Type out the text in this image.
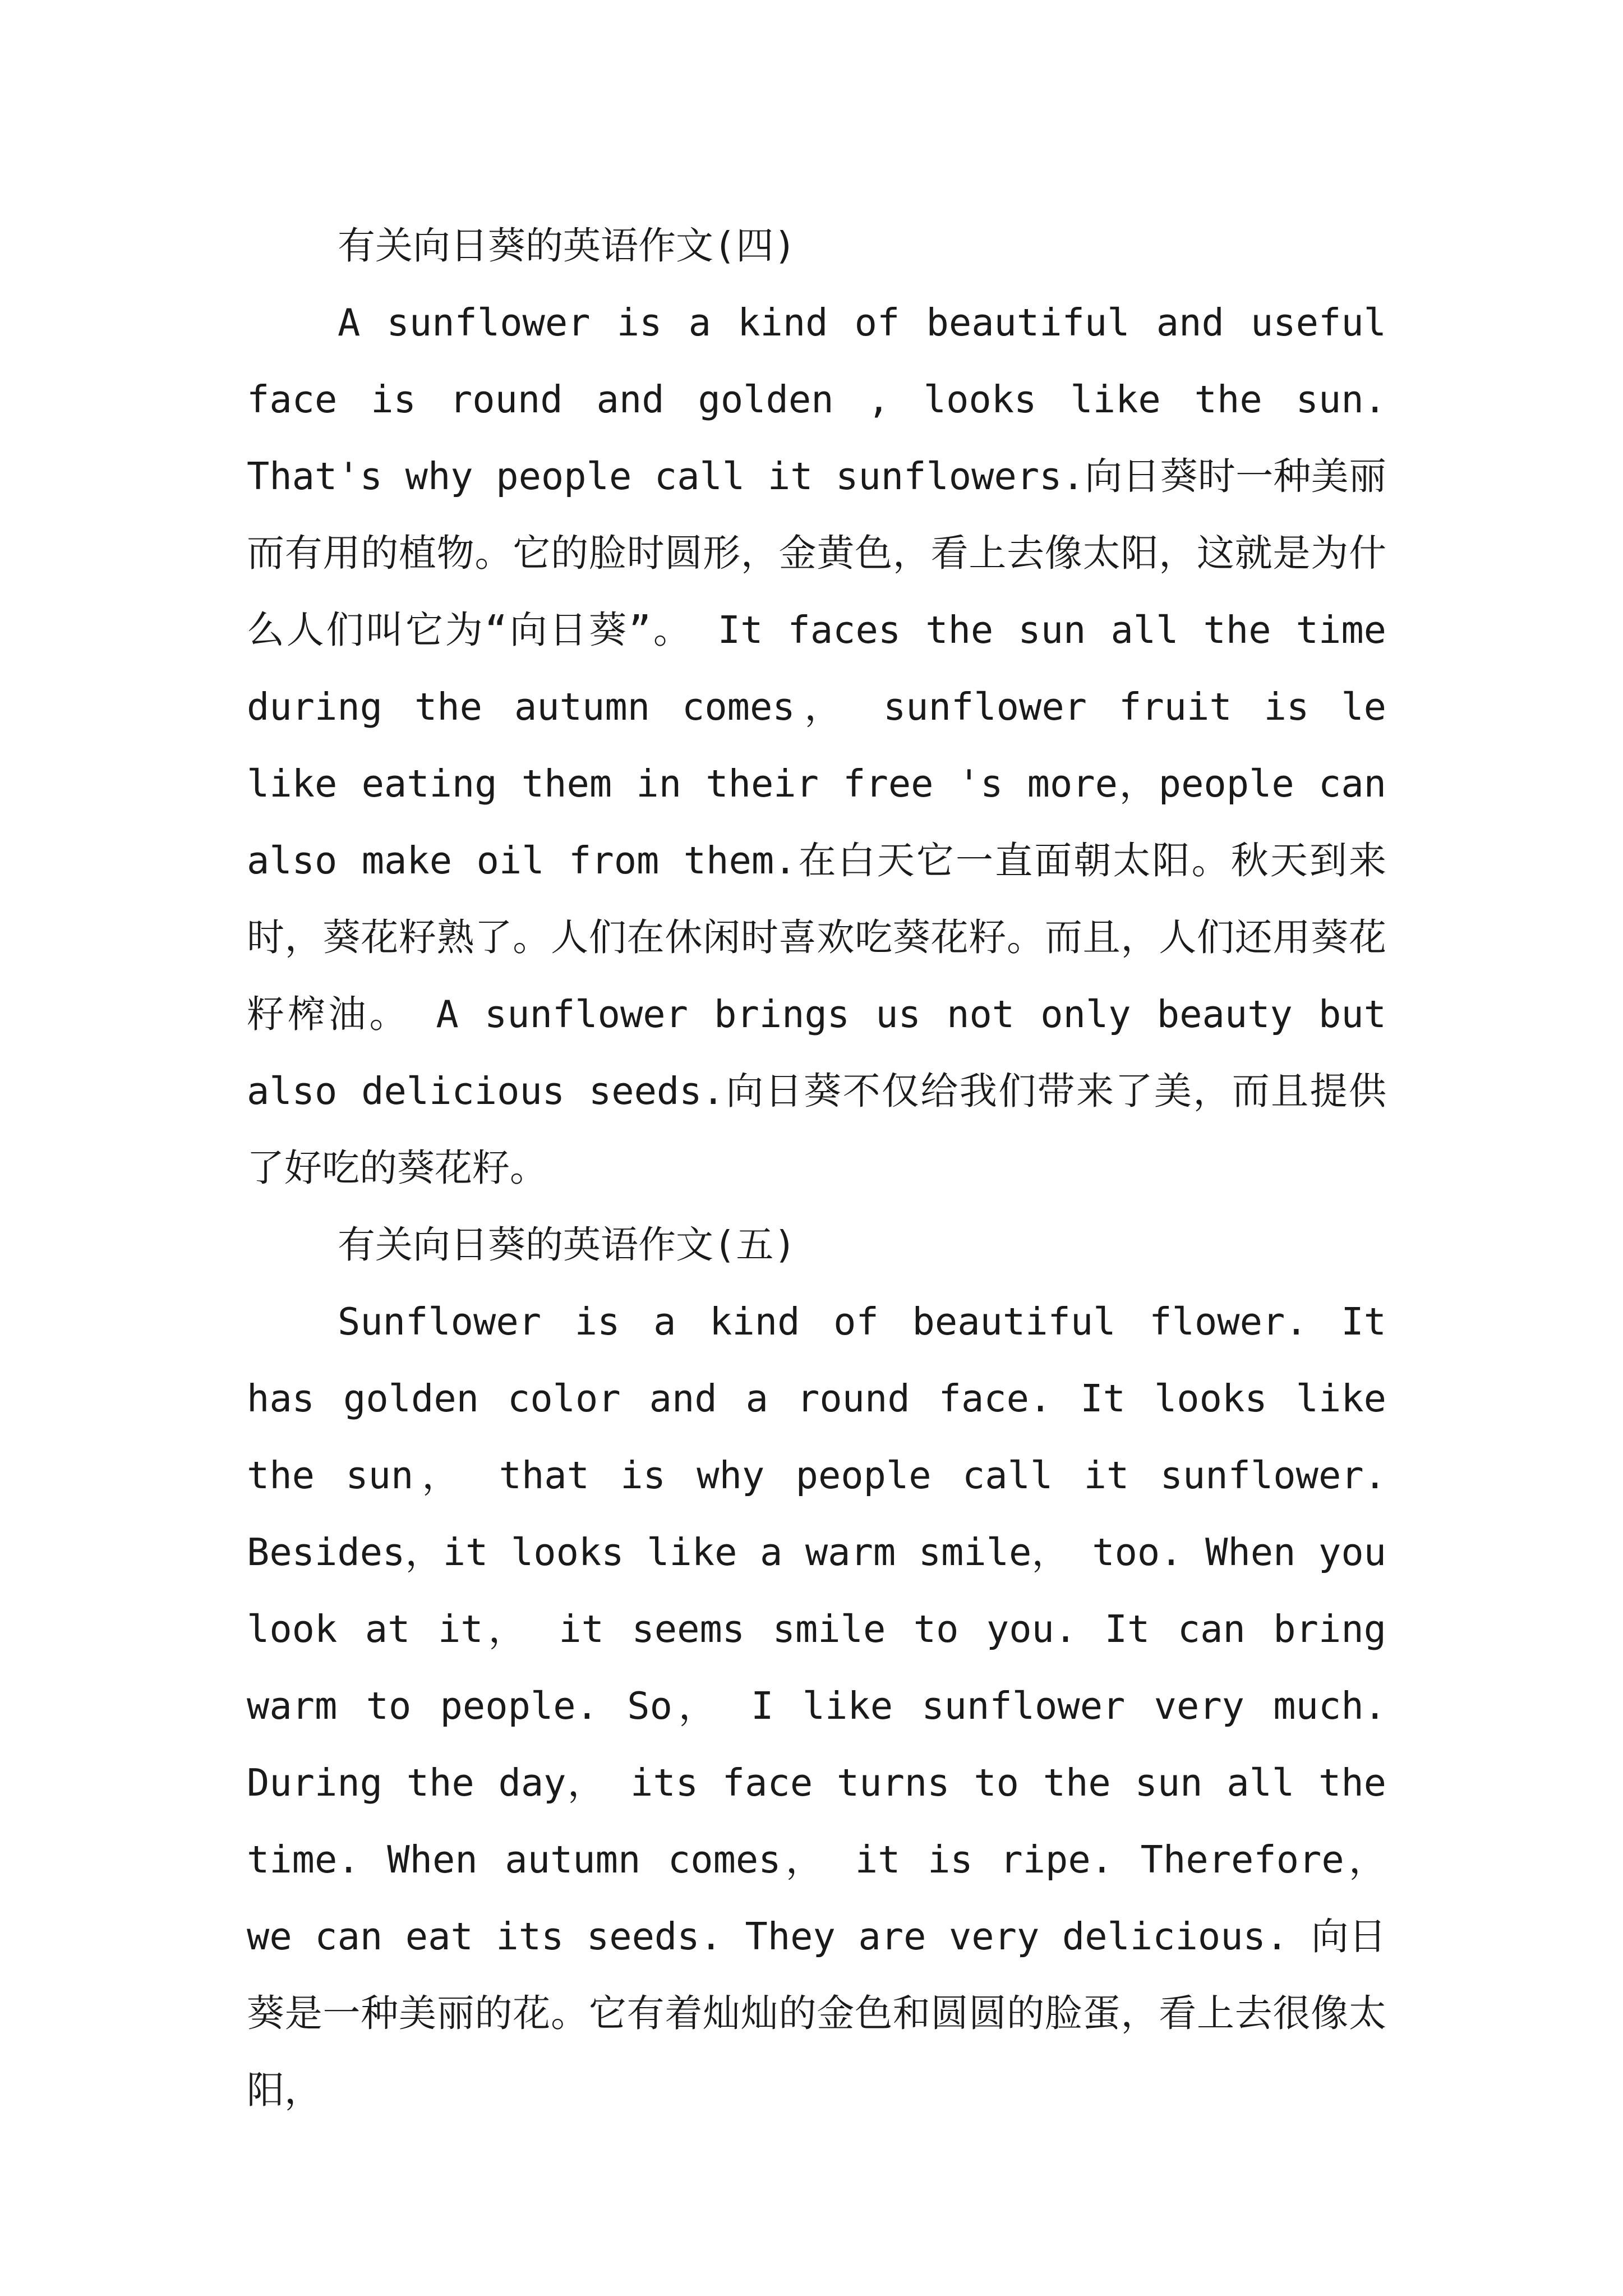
有关向日葵的英语作文(四)

A sunflower is a kind of beautiful and useful face is round and golden , looks like the sun. That's why people call it sunflowers.向日葵时一种美丽而有用的植物。它的脸时圆形，金黄色，看上去像太阳，这就是为什么人们叫它为“向日葵”。 It faces the sun all the time during the autumn comes， sunflower fruit is le like eating them in their free 's more，people can also make oil from them.在白天它一直面朝太阳。秋天到来时，葵花籽熟了。人们在休闲时喜欢吃葵花籽。而且，人们还用葵花籽榨油。 A sunflower brings us not only beauty but also delicious seeds.向日葵不仅给我们带来了美，而且提供了好吃的葵花籽。

有关向日葵的英语作文(五)

Sunflower is a kind of beautiful flower. It has golden color and a round face. It looks like the sun， that is why people call it sunflower. Besides，it looks like a warm smile， too. When you look at it， it seems smile to you. It can bring warm to people. So， I like sunflower very much. During the day， its face turns to the sun all the time. When autumn comes， it is ripe. Therefore， we can eat its seeds. They are very delicious. 向日葵是一种美丽的花。它有着灿灿的金色和圆圆的脸蛋，看上去很像太阳，
